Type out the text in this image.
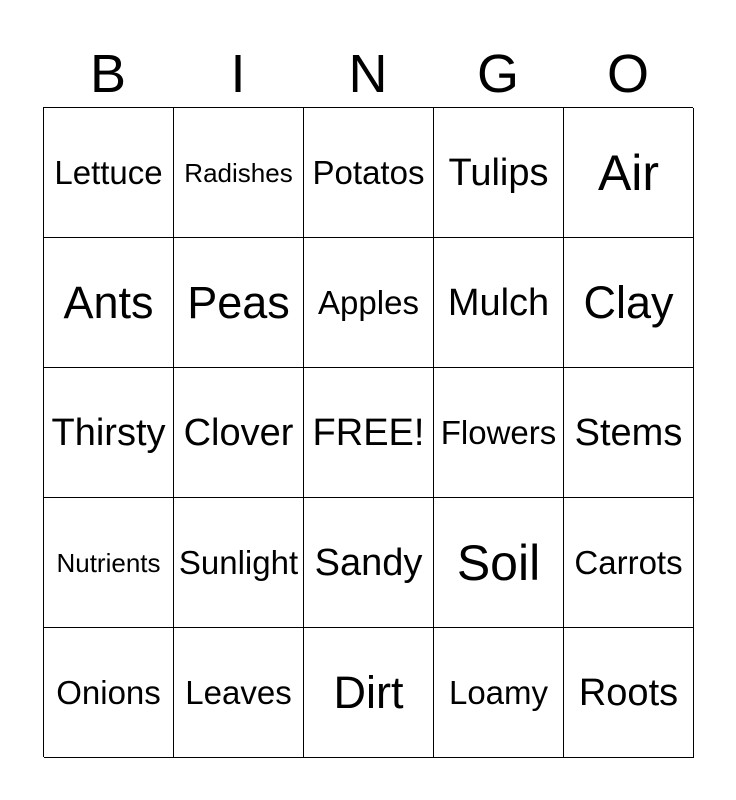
B	I	N	G	O
Lettuce Radishes Potatos Tulips Air
Ants Peas Apples Mulch Clay
Thirsty Clover FREE! Flowers Stems
Nutrients Sunlight Sandy Soil	Carrots
Onions Leaves Dirt	Loamy Roots
